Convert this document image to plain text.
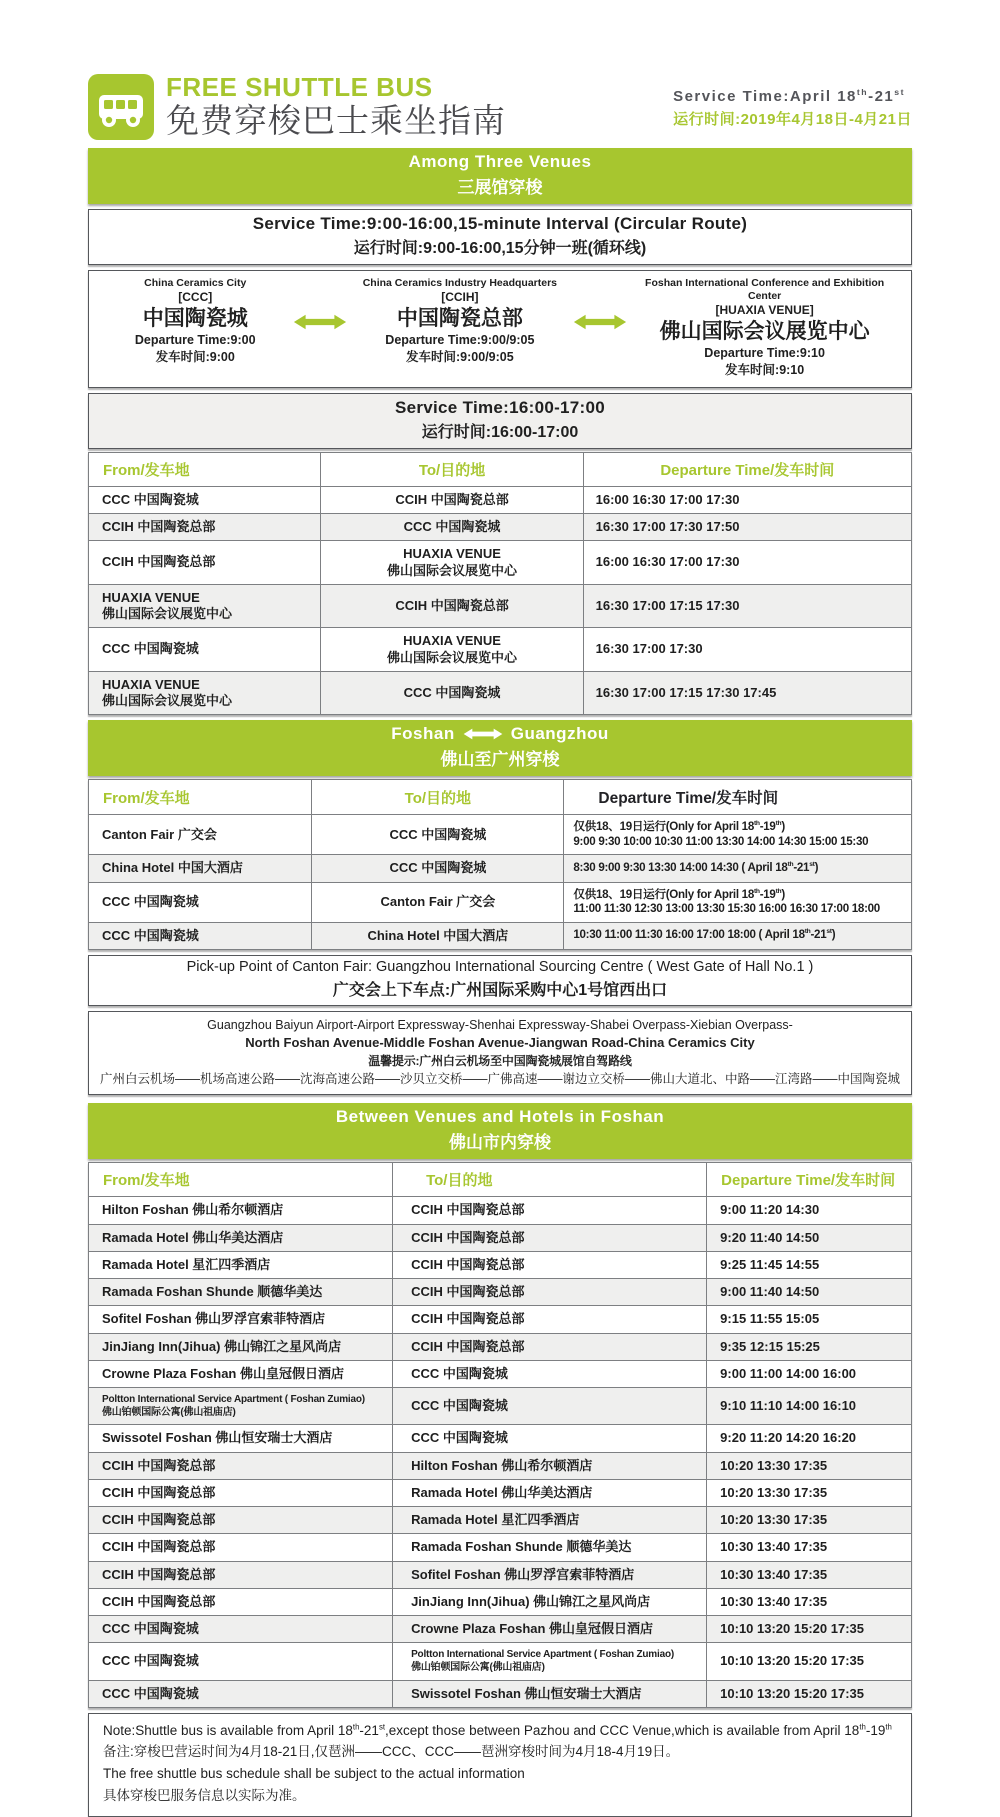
FREE SHUTTLE BUS
免费穿梭巴士乘坐指南
Service Time:April 18th-21st
运行时间:2019年4月18日-4月21日
Among Three Venues
三展馆穿梭
Service Time:9:00-16:00,15-minute Interval (Circular Route)
运行时间:9:00-16:00,15分钟一班(循环线)
China Ceramics City
[CCC]
中国陶瓷城
Departure Time:9:00
发车时间:9:00
China Ceramics Industry Headquarters
[CCIH]
中国陶瓷总部
Departure Time:9:00/9:05
发车时间:9:00/9:05
Foshan International Conference and Exhibition Center
[HUAXIA VENUE]
佛山国际会议展览中心
Departure Time:9:10
发车时间:9:10
Service Time:16:00-17:00
运行时间:16:00-17:00
From/发车地	To/目的地	Departure Time/发车时间
CCC 中国陶瓷城	CCIH 中国陶瓷总部	16:00 16:30 17:00 17:30
CCIH 中国陶瓷总部	CCC 中国陶瓷城	16:30 17:00 17:30 17:50
CCIH 中国陶瓷总部	HUAXIA VENUE
佛山国际会议展览中心	16:00 16:30 17:00 17:30
HUAXIA VENUE
佛山国际会议展览中心	CCIH 中国陶瓷总部	16:30 17:00 17:15 17:30
CCC 中国陶瓷城	HUAXIA VENUE
佛山国际会议展览中心	16:30 17:00 17:30
HUAXIA VENUE
佛山国际会议展览中心	CCC 中国陶瓷城	16:30 17:00 17:15 17:30 17:45
Foshan	Guangzhou
佛山至广州穿梭
From/发车地	To/目的地	Departure Time/发车时间
Canton Fair 广交会	CCC 中国陶瓷城	仅供18、19日运行(Only for April 18th-19th)
9:00 9:30 10:00 10:30 11:00 13:30 14:00 14:30 15:00 15:30
China Hotel 中国大酒店	CCC 中国陶瓷城	8:30 9:00 9:30 13:30 14:00 14:30 ( April 18th-21st)
CCC 中国陶瓷城	Canton Fair 广交会	仅供18、19日运行(Only for April 18th-19th)
11:00 11:30 12:30 13:00 13:30 15:30 16:00 16:30 17:00 18:00
CCC 中国陶瓷城	China Hotel 中国大酒店	10:30 11:00 11:30 16:00 17:00 18:00 ( April 18th-21st)
Pick-up Point of Canton Fair: Guangzhou International Sourcing Centre ( West Gate of Hall No.1 )
广交会上下车点:广州国际采购中心1号馆西出口
Guangzhou Baiyun Airport-Airport Expressway-Shenhai Expressway-Shabei Overpass-Xiebian Overpass-
North Foshan Avenue-Middle Foshan Avenue-Jiangwan Road-China Ceramics City
温馨提示:广州白云机场至中国陶瓷城展馆自驾路线
广州白云机场——机场高速公路——沈海高速公路——沙贝立交桥——广佛高速——谢边立交桥——佛山大道北、中路——江湾路——中国陶瓷城
Between Venues and Hotels in Foshan
佛山市内穿梭
From/发车地	To/目的地	Departure Time/发车时间
Hilton Foshan 佛山希尔顿酒店	CCIH 中国陶瓷总部	9:00 11:20 14:30
Ramada Hotel 佛山华美达酒店	CCIH 中国陶瓷总部	9:20 11:40 14:50
Ramada Hotel 星汇四季酒店	CCIH 中国陶瓷总部	9:25 11:45 14:55
Ramada Foshan Shunde 顺德华美达	CCIH 中国陶瓷总部	9:00 11:40 14:50
Sofitel Foshan 佛山罗浮宫索菲特酒店	CCIH 中国陶瓷总部	9:15 11:55 15:05
JinJiang Inn(Jihua) 佛山锦江之星风尚店	CCIH 中国陶瓷总部	9:35 12:15 15:25
Crowne Plaza Foshan 佛山皇冠假日酒店	CCC 中国陶瓷城	9:00 11:00 14:00 16:00
Poltton International Service Apartment ( Foshan Zumiao)
佛山铂顿国际公寓(佛山祖庙店)	CCC 中国陶瓷城	9:10 11:10 14:00 16:10
Swissotel Foshan 佛山恒安瑞士大酒店	CCC 中国陶瓷城	9:20 11:20 14:20 16:20
CCIH 中国陶瓷总部	Hilton Foshan 佛山希尔顿酒店	10:20 13:30 17:35
CCIH 中国陶瓷总部	Ramada Hotel 佛山华美达酒店	10:20 13:30 17:35
CCIH 中国陶瓷总部	Ramada Hotel 星汇四季酒店	10:20 13:30 17:35
CCIH 中国陶瓷总部	Ramada Foshan Shunde 顺德华美达	10:30 13:40 17:35
CCIH 中国陶瓷总部	Sofitel Foshan 佛山罗浮宫索菲特酒店	10:30 13:40 17:35
CCIH 中国陶瓷总部	JinJiang Inn(Jihua) 佛山锦江之星风尚店	10:30 13:40 17:35
CCC 中国陶瓷城	Crowne Plaza Foshan 佛山皇冠假日酒店	10:10 13:20 15:20 17:35
CCC 中国陶瓷城	Poltton International Service Apartment ( Foshan Zumiao)
佛山铂顿国际公寓(佛山祖庙店)	10:10 13:20 15:20 17:35
CCC 中国陶瓷城	Swissotel Foshan 佛山恒安瑞士大酒店	10:10 13:20 15:20 17:35
Note:Shuttle bus is available from April 18th-21st,except those between Pazhou and CCC Venue,which is available from April 18th-19th
备注:穿梭巴营运时间为4月18-21日,仅琶洲——CCC、CCC——琶洲穿梭时间为4月18-4月19日。
The free shuttle bus schedule shall be subject to the actual information
具体穿梭巴服务信息以实际为准。
